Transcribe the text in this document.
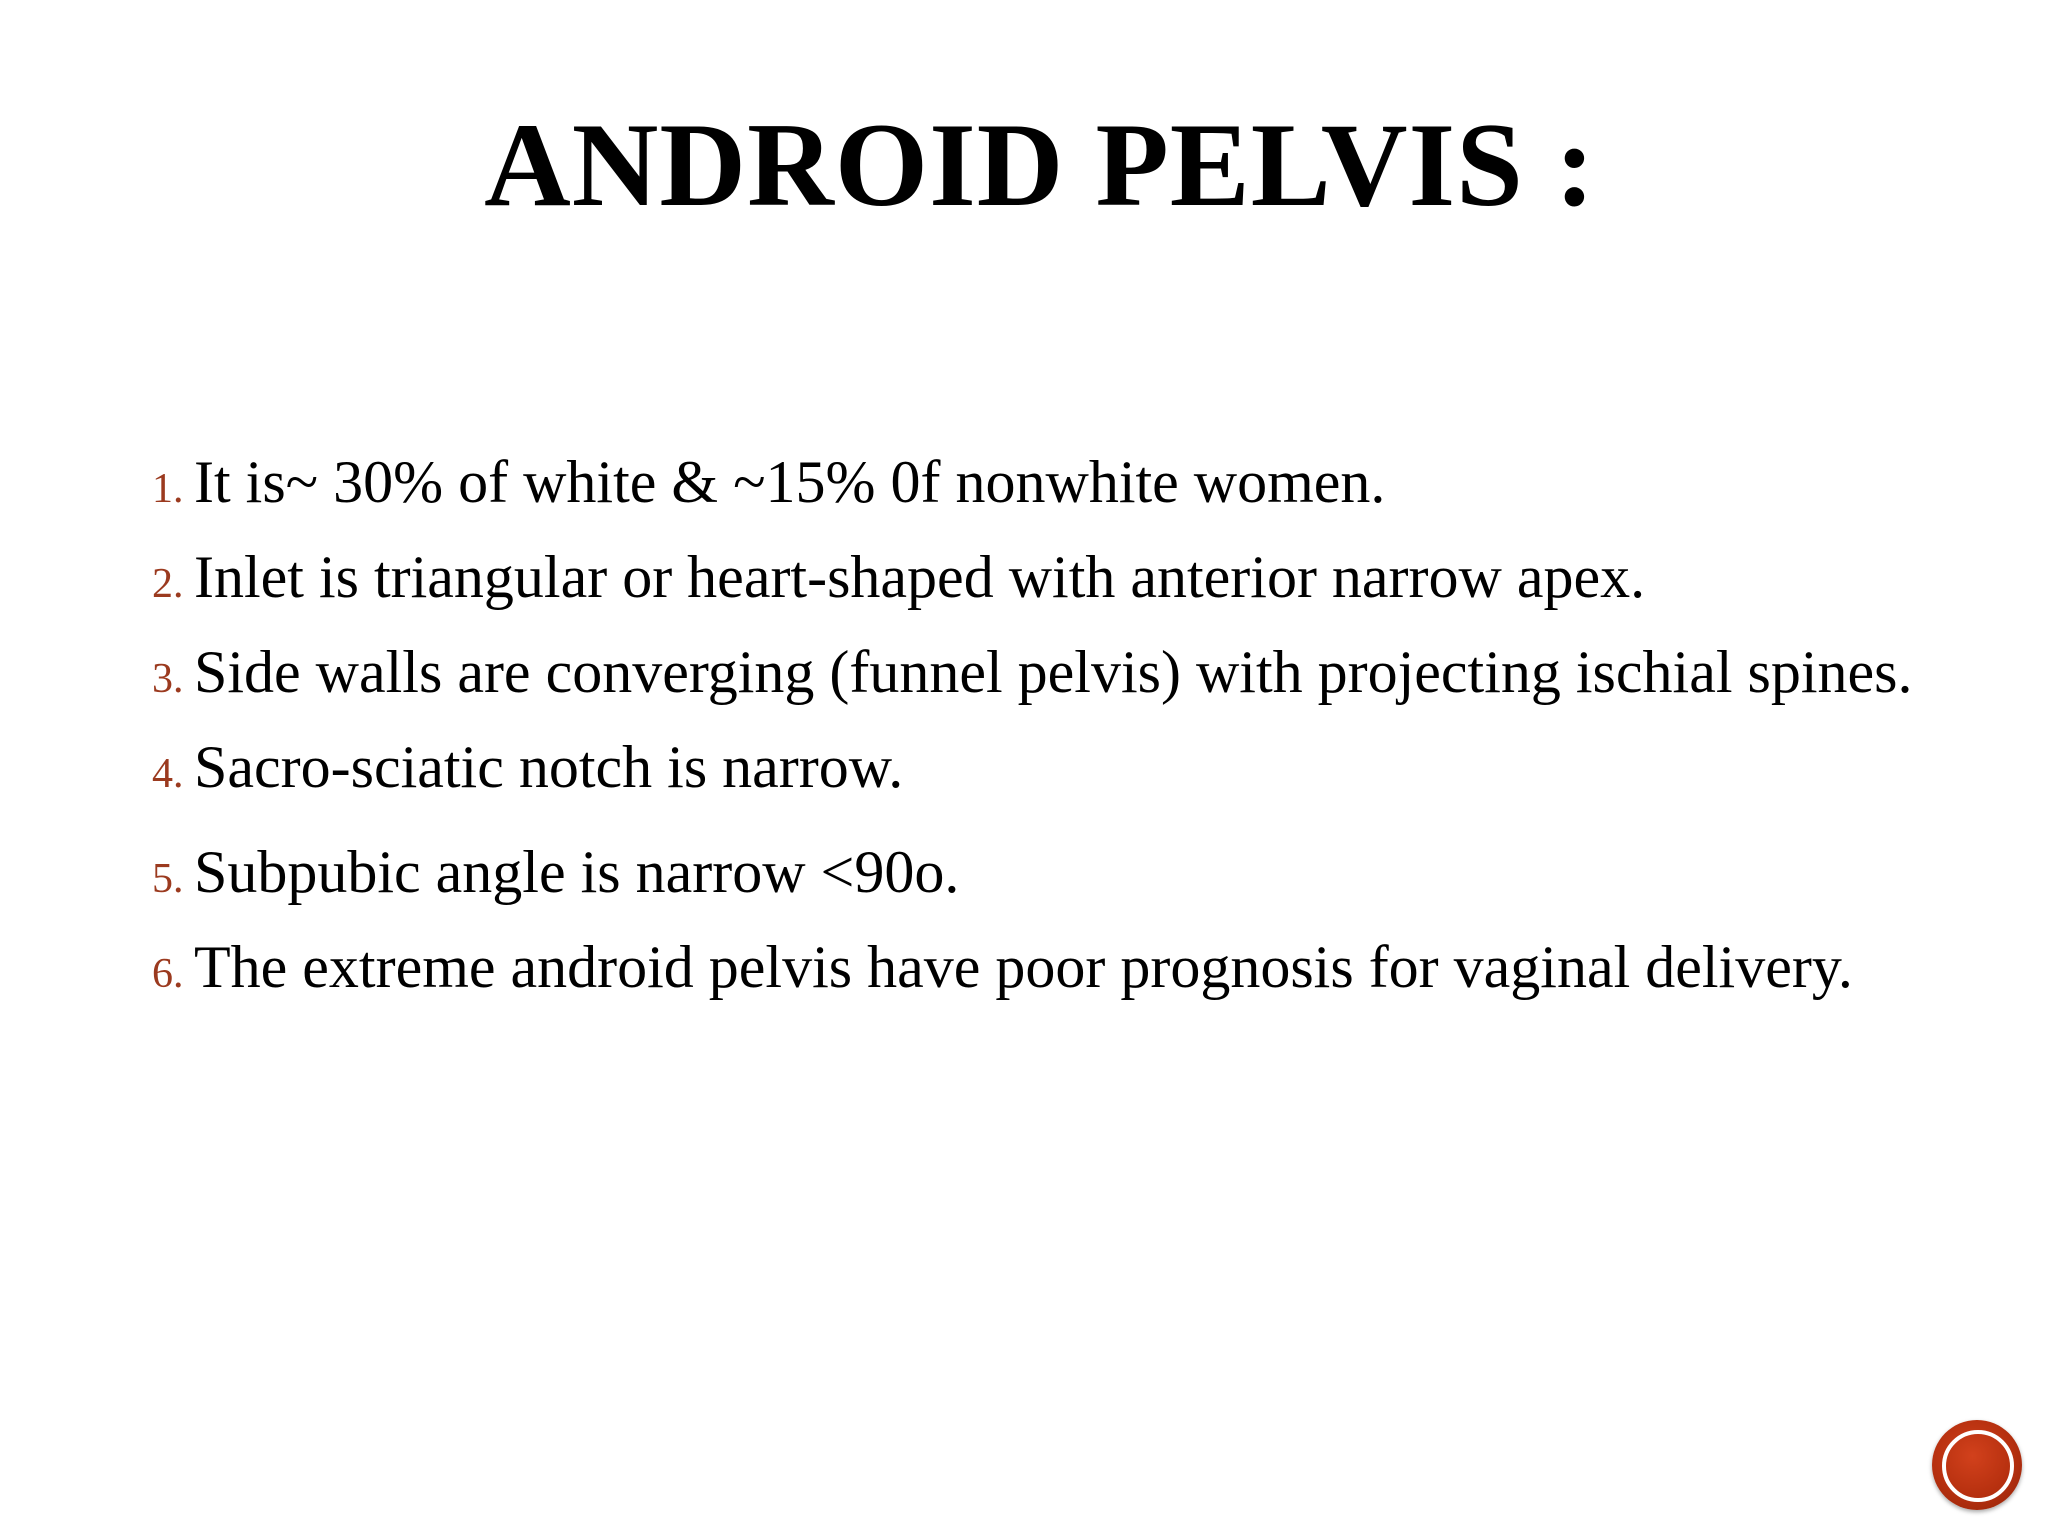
ANDROID PELVIS :
1. It is~ 30% of white & ~15% 0f nonwhite women.
2. Inlet is triangular or heart-shaped with anterior narrow apex.
3. Side walls are converging (funnel pelvis) with projecting ischial spines.
4. Sacro-sciatic notch is narrow.
5. Subpubic angle is narrow <90o.
6. The extreme android pelvis have poor prognosis for vaginal delivery.
